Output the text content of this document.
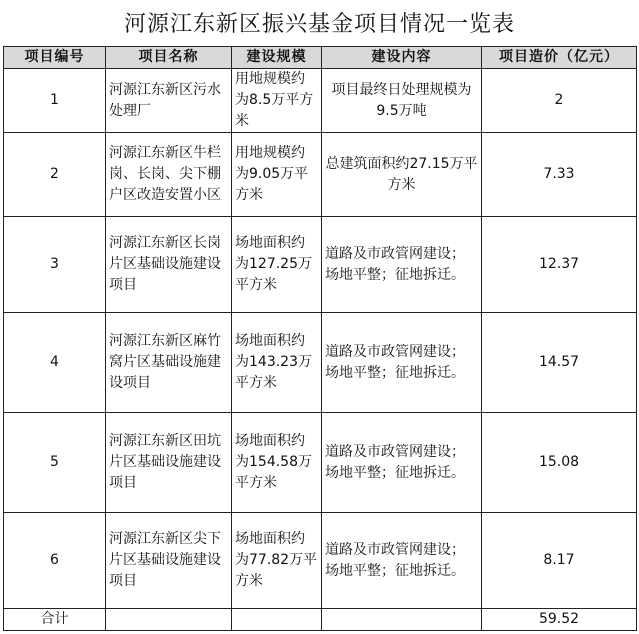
河源江东新区振兴基金项目情况一览表
项目编号	项目名称	建设规模	建设内容	项目造价（亿元）
1	河源江东新区污水处理厂	用地规模约为8.5万平方米	项目最终日处理规模为9.5万吨	2
2	河源江东新区牛栏岗、长岗、尖下棚户区改造安置小区	用地规模约为9.05万平方米	总建筑面积约27.15万平方米	7.33
3	河源江东新区长岗片区基础设施建设项目	场地面积约为127.25万平方米	道路及市政管网建设；场地平整；征地拆迁。	12.37
4	河源江东新区麻竹窝片区基础设施建设项目	场地面积约为143.23万平方米	道路及市政管网建设；场地平整；征地拆迁。	14.57
5	河源江东新区田坑片区基础设施建设项目	场地面积约为154.58万平方米	道路及市政管网建设；场地平整；征地拆迁。	15.08
6	河源江东新区尖下片区基础设施建设项目	场地面积约为77.82万平方米	道路及市政管网建设；场地平整；征地拆迁。	8.17
合计				59.52
